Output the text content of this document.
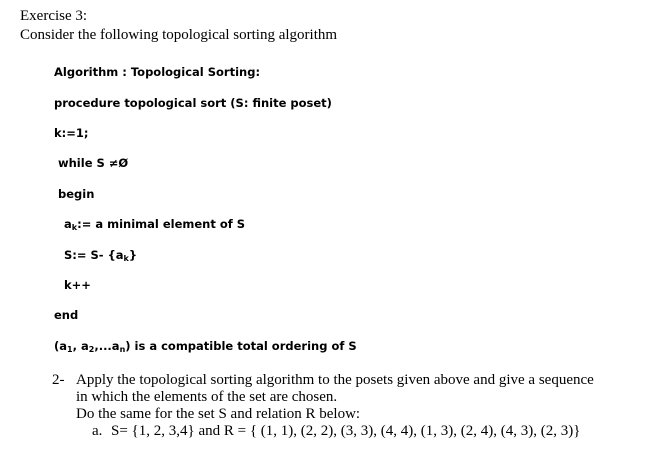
Exercise 3:
Consider the following topological sorting algorithm
Algorithm : Topological Sorting:
procedure topological sort (S: finite poset)
k:=1;
while S ≠Ø
begin
$a_k:= a$ minimal element of S
S:= S- $\{a_k\}$
k++
end
($a_1$, $a_2,...a_n$) is a compatible total ordering of S
2- Apply the topological sorting algorithm to the posets given above and give a sequence
in which the elements of the set are chosen.
Do the same for the set S and relation R below:
a. S= {1, 2, 3,4} and R = { (1, 1), (2, 2), (3, 3), (4, 4), (1, 3), (2, 4), (4, 3), (2, 3)}
